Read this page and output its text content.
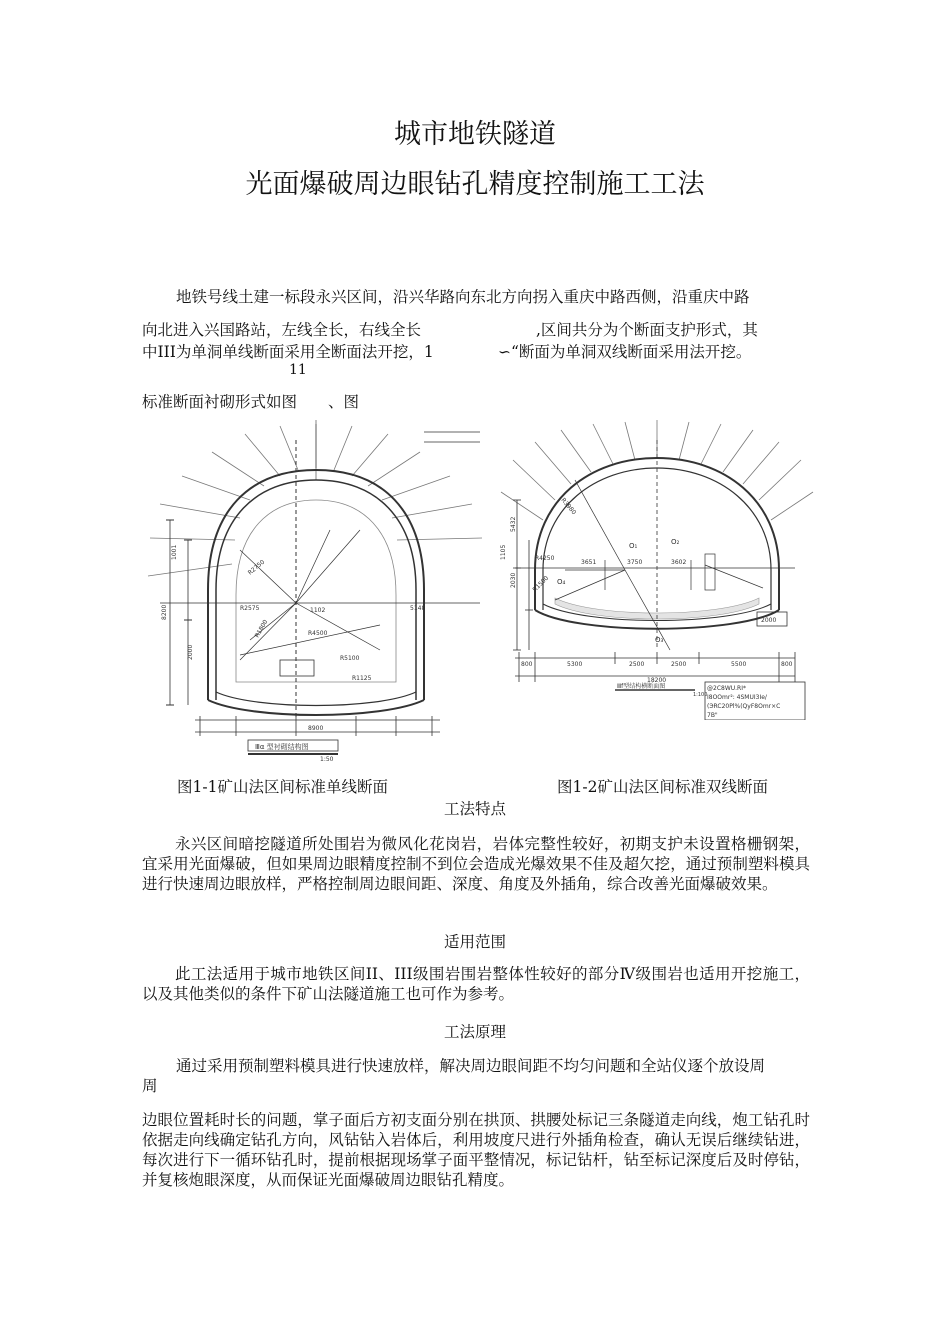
城市地铁隧道
光面爆破周边眼钻孔精度控制施工工法
地铁号线土建一标段永兴区间，沿兴华路向东北方向拐入重庆中路西侧，沿重庆中路
向北进入兴国路站，左线全长，右线全长	,区间共分为个断面支护形式，其
中III为单洞单线断面采用全断面法开挖，1	∽“断面为单洞双线断面采用法开挖。
11
标准断面衬砌形式如图　　、图
R2750
R2575
R4500
R5100
R1800
R1125
1102	5148
1001
2000
8200
8900
Ⅲα 型衬砌结构图
1:50
800	5300	2500	2500	5500	800
18200
Ⅲf型结构横断面图
1:100
R4250
R1500
R3980
O₁	O₂
O₃
O₄
3750	3602
3651
5432
2030
1105
2000
@2C8WU.RI*
I8OOmr²: 4SMUI3Ie/
(ЭRC20Pl%(QyF8Omr×C
7B"
图1-1矿山法区间标准单线断面	图1-2矿山法区间标准双线断面
工法特点
永兴区间暗挖隧道所处围岩为微风化花岗岩，岩体完整性较好，初期支护未设置格栅钢架，宜采用光面爆破，但如果周边眼精度控制不到位会造成光爆效果不佳及超欠挖，通过预制塑料模具进行快速周边眼放样，严格控制周边眼间距、深度、角度及外插角，综合改善光面爆破效果。
适用范围
此工法适用于城市地铁区间II、III级围岩围岩整体性较好的部分Ⅳ级围岩也适用开挖施工，以及其他类似的条件下矿山法隧道施工也可作为参考。
工法原理
通过采用预制塑料模具进行快速放样，解决周边眼间距不均匀问题和全站仪逐个放设周
周
边眼位置耗时长的问题，掌子面后方初支面分别在拱顶、拱腰处标记三条隧道走向线，炮工钻孔时依据走向线确定钻孔方向，风钻钻入岩体后，利用坡度尺进行外插角检查，确认无误后继续钻进，每次进行下一循环钻孔时，提前根据现场掌子面平整情况，标记钻杆，钻至标记深度后及时停钻，并复核炮眼深度，从而保证光面爆破周边眼钻孔精度。
